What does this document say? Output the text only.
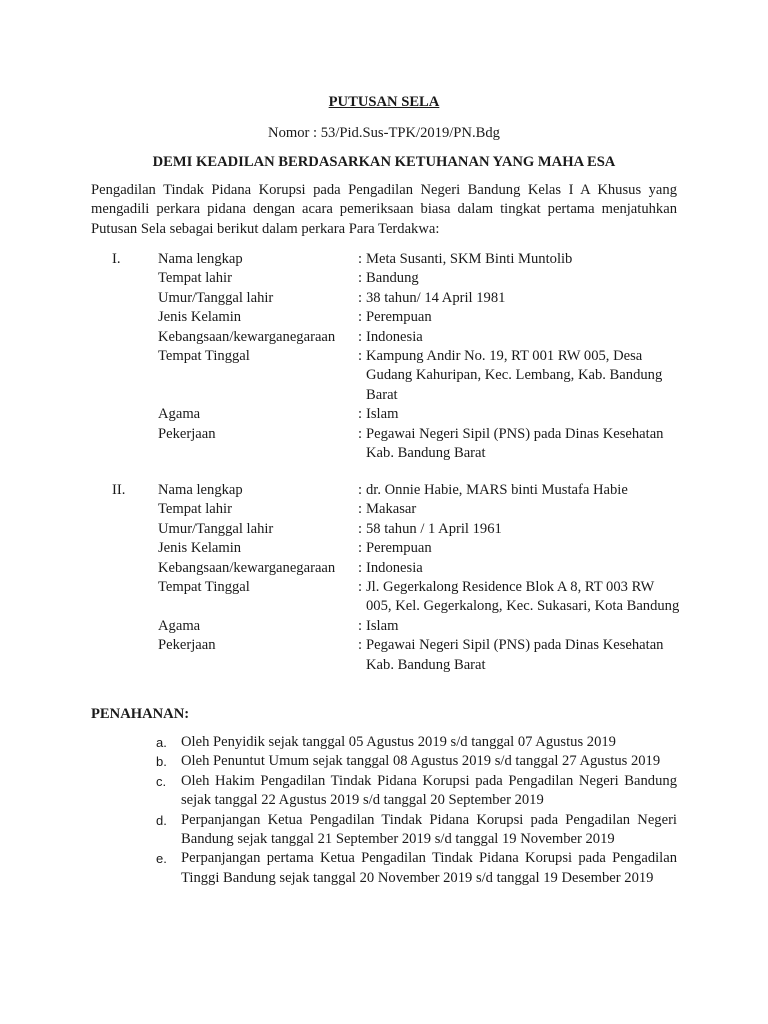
PUTUSAN SELA
Nomor : 53/Pid.Sus-TPK/2019/PN.Bdg
DEMI KEADILAN BERDASARKAN KETUHANAN YANG MAHA ESA

Pengadilan Tindak Pidana Korupsi pada Pengadilan Negeri Bandung Kelas I A Khusus yang mengadili perkara pidana dengan acara pemeriksaan biasa dalam tingkat pertama menjatuhkan Putusan Sela sebagai berikut dalam perkara Para Terdakwa:

I.	Nama lengkap	: Meta Susanti, SKM Binti Muntolib
Tempat lahir	: Bandung
Umur/Tanggal lahir	: 38 tahun/ 14 April 1981
Jenis Kelamin	: Perempuan
Kebangsaan/kewarganegaraan : Indonesia
Tempat Tinggal	: Kampung Andir No. 19, RT 001 RW 005, Desa Gudang Kahuripan, Kec. Lembang, Kab. Bandung Barat
Agama	: Islam
Pekerjaan	: Pegawai Negeri Sipil (PNS) pada Dinas Kesehatan Kab. Bandung Barat
II.	Nama lengkap	: dr. Onnie Habie, MARS binti Mustafa Habie
Tempat lahir	: Makasar
Umur/Tanggal lahir	: 58 tahun / 1 April 1961
Jenis Kelamin	: Perempuan
Kebangsaan/kewarganegaraan : Indonesia
Tempat Tinggal	: Jl. Gegerkalong Residence Blok A 8, RT 003 RW 005, Kel. Gegerkalong, Kec. Sukasari, Kota Bandung
Agama	: Islam
Pekerjaan	: Pegawai Negeri Sipil (PNS) pada Dinas Kesehatan Kab. Bandung Barat
PENAHANAN:
a. Oleh Penyidik sejak tanggal 05 Agustus 2019 s/d tanggal 07 Agustus 2019
b. Oleh Penuntut Umum sejak tanggal 08 Agustus 2019 s/d tanggal 27 Agustus 2019
c. Oleh Hakim Pengadilan Tindak Pidana Korupsi pada Pengadilan Negeri Bandung sejak tanggal 22 Agustus 2019 s/d tanggal 20 September 2019
d. Perpanjangan Ketua Pengadilan Tindak Pidana Korupsi pada Pengadilan Negeri Bandung sejak tanggal 21 September 2019 s/d tanggal 19 November 2019
e. Perpanjangan pertama Ketua Pengadilan Tindak Pidana Korupsi pada Pengadilan Tinggi Bandung sejak tanggal 20 November 2019 s/d tanggal 19 Desember 2019
